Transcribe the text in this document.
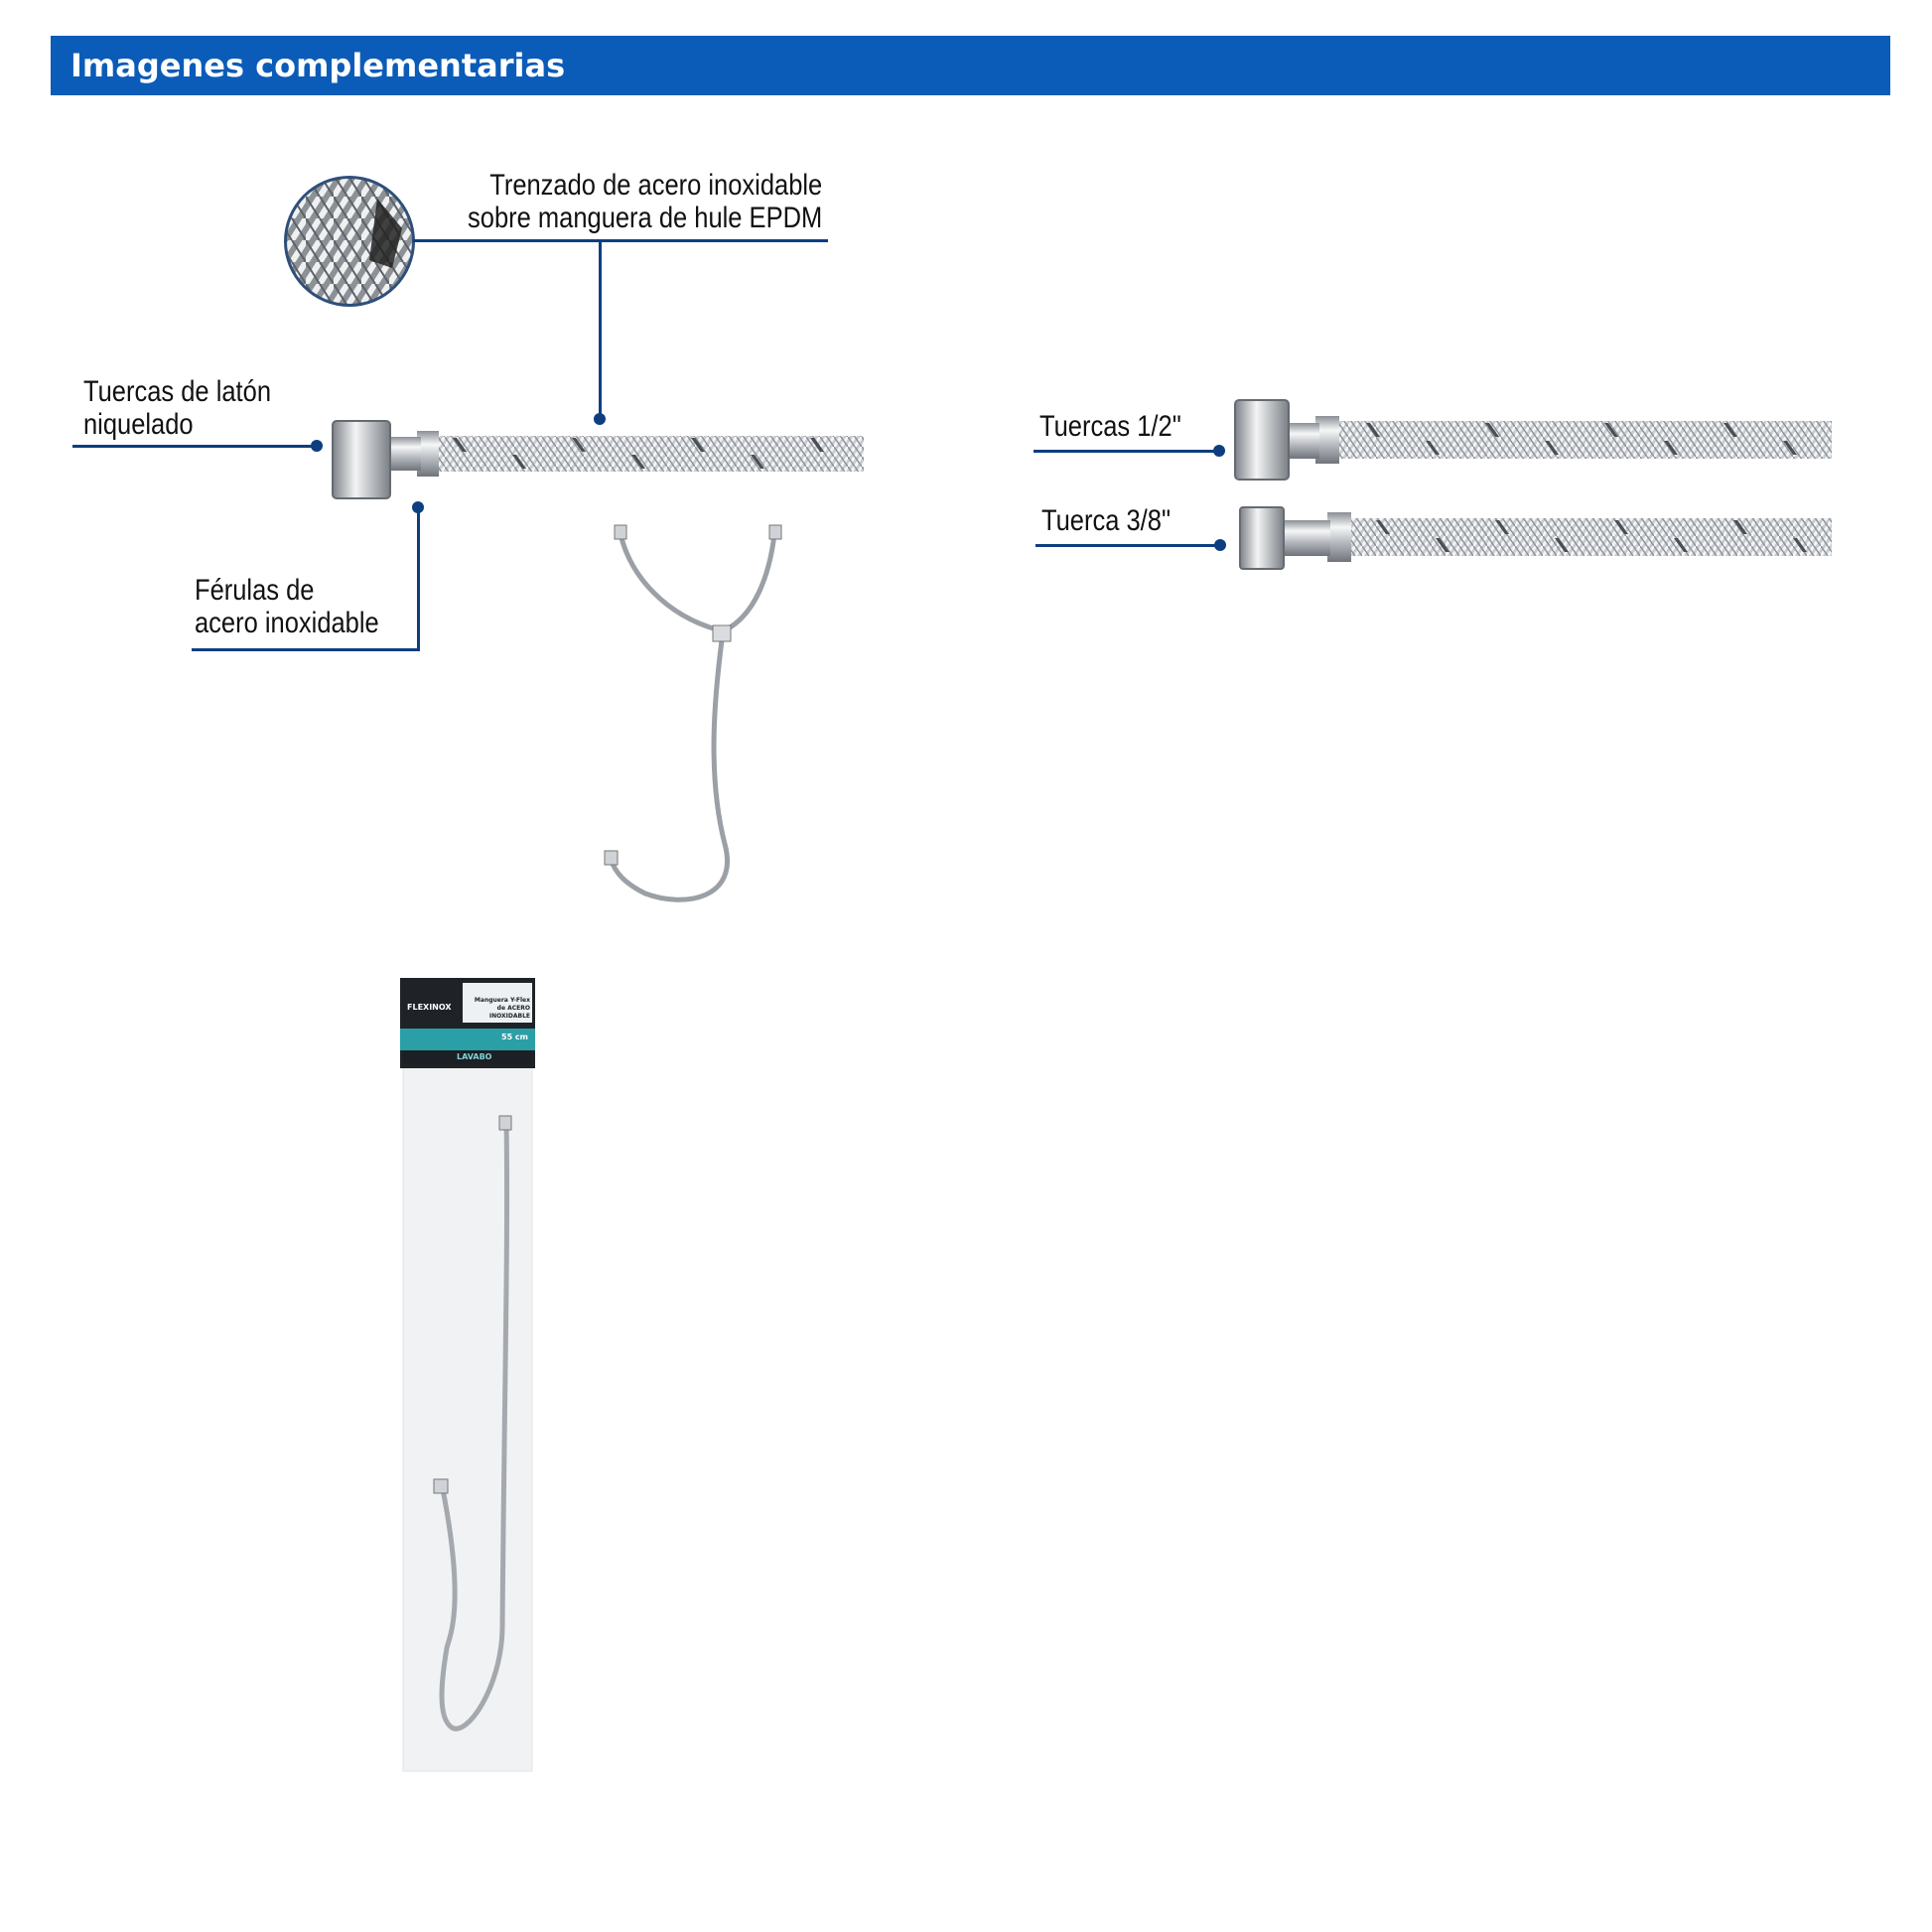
Imagenes complementarias
FLEXINOX
Manguera Y-Flex de ACERO INOXIDABLE
55 cm
LAVABO
Trenzado de acero inoxidable
sobre manguera de hule EPDM
Tuercas de latón
niquelado
Férulas de
acero inoxidable
Tuercas 1/2"
Tuerca 3/8"
